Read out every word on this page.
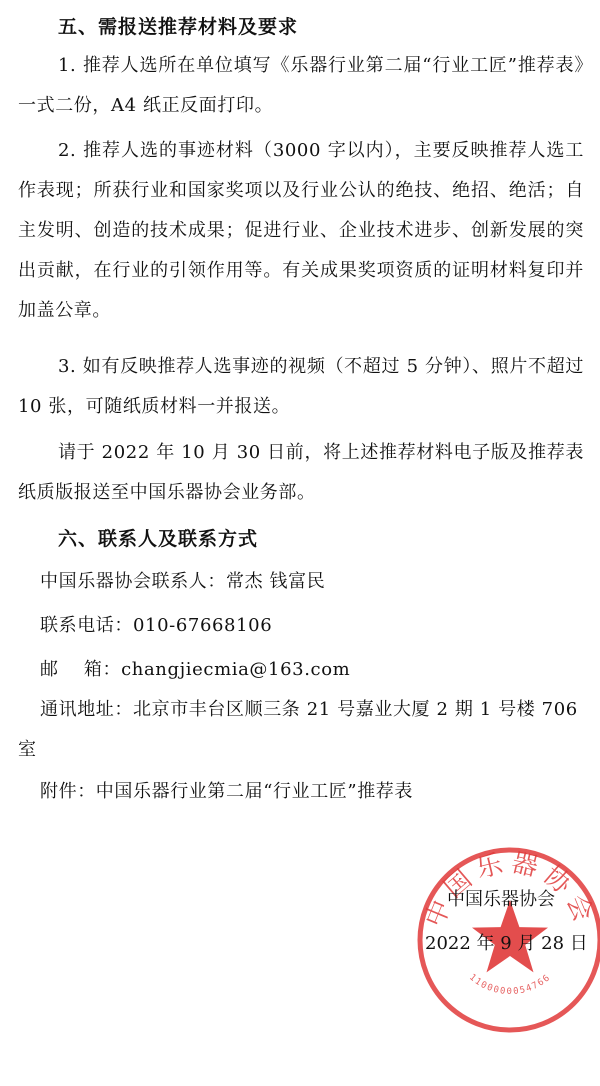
五、需报送推荐材料及要求
1. 推荐人选所在单位填写《乐器行业第二届“行业工匠”推荐表》一式二份，A4 纸正反面打印。
2. 推荐人选的事迹材料（3000 字以内），主要反映推荐人选工作表现；所获行业和国家奖项以及行业公认的绝技、绝招、绝活；自主发明、创造的技术成果；促进行业、企业技术进步、创新发展的突出贡献，在行业的引领作用等。有关成果奖项资质的证明材料复印并加盖公章。
3. 如有反映推荐人选事迹的视频（不超过 5 分钟）、照片不超过 10 张，可随纸质材料一并报送。
请于 2022 年 10 月 30 日前，将上述推荐材料电子版及推荐表纸质版报送至中国乐器协会业务部。
六、联系人及联系方式
中国乐器协会联系人：常杰 钱富民
联系电话：010-67668106
邮    箱：changjiecmia@163.com
通讯地址：北京市丰台区顺三条 21 号嘉业大厦 2 期 1 号楼 706 室
附件：中国乐器行业第二届“行业工匠”推荐表
中国乐器协会
1100000054766
中国乐器协会
2022 年 9 月 28 日
